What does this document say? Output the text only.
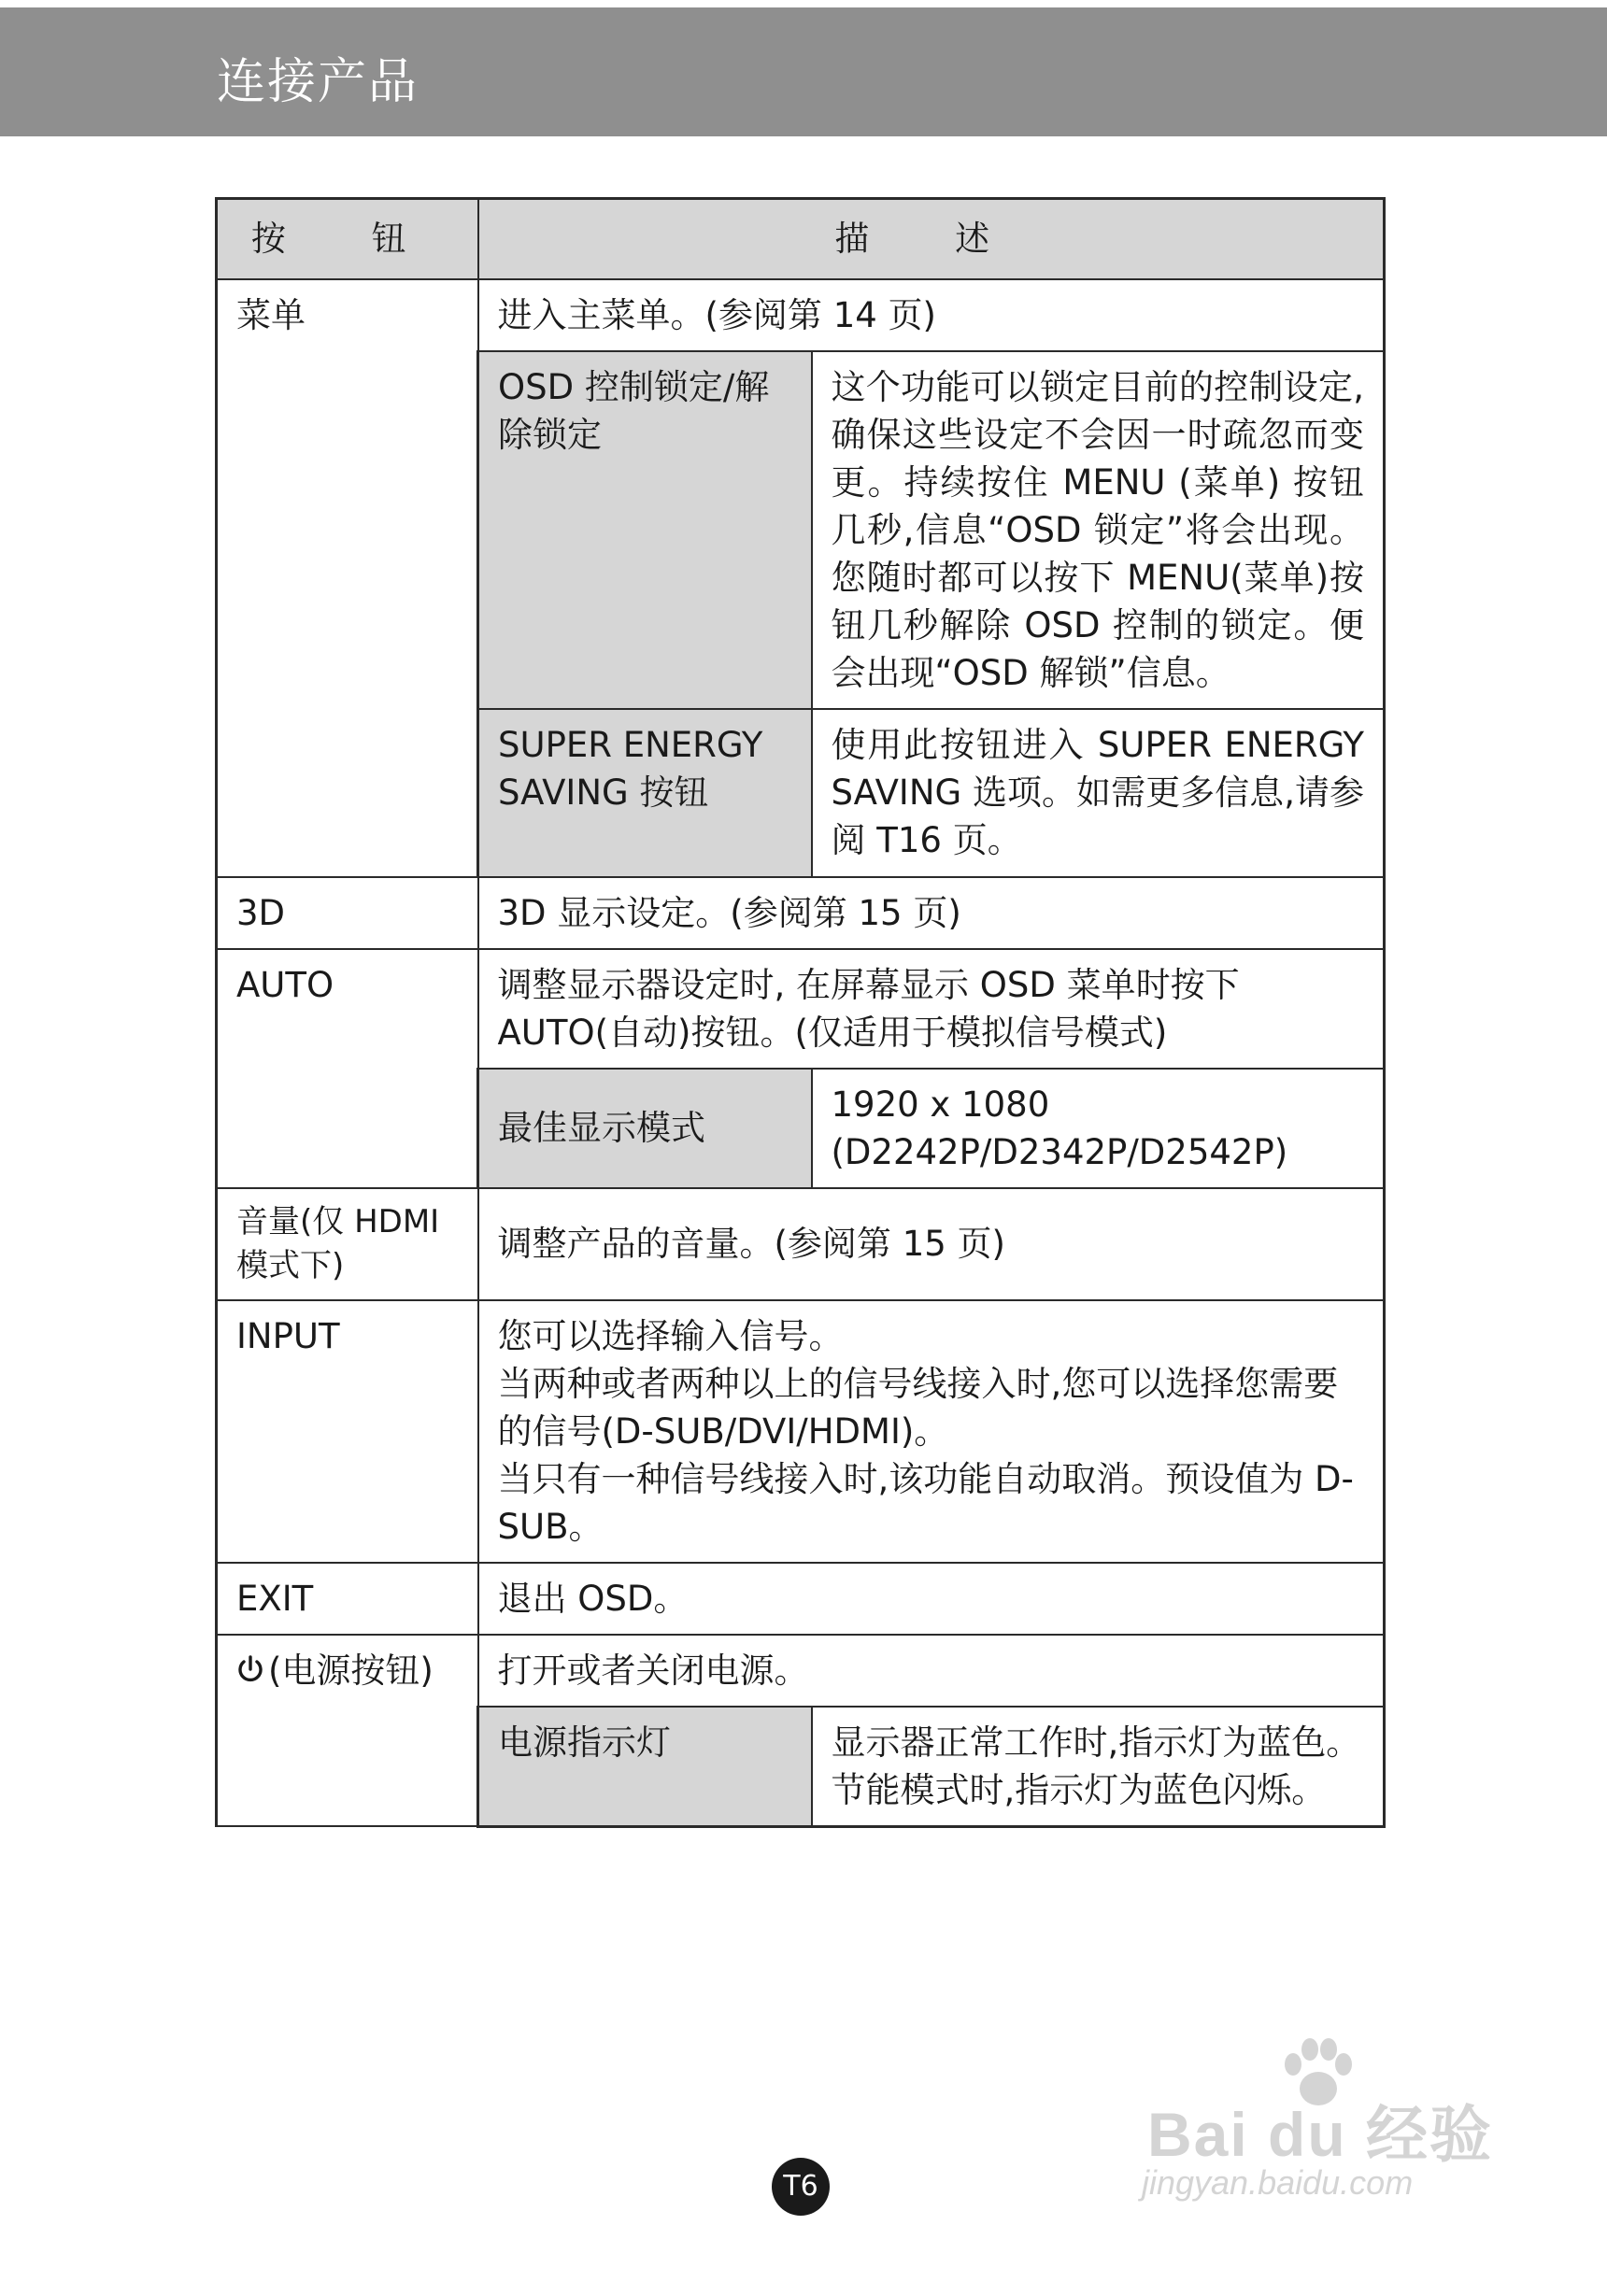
连接产品
按 钮	描 述	
菜单	进入主菜单。(参阅第 14 页)	
	OSD 控制锁定/解除锁定	这个功能可以锁定目前的控制设定,确保这些设定不会因一时疏忽而变更。持续按住 MENU (菜单) 按钮几秒,信息“OSD 锁定”将会出现。您随时都可以按下 MENU(菜单)按钮几秒解除 OSD 控制的锁定。便会出现“OSD 解锁”信息。
	SUPER ENERGY SAVING 按钮	使用此按钮进入 SUPER ENERGY SAVING 选项。如需更多信息,请参阅 T16 页。
3D	3D 显示设定。(参阅第 15 页)	
AUTO	调整显示器设定时, 在屏幕显示 OSD 菜单时按下 AUTO(自动)按钮。(仅适用于模拟信号模式)	
	最佳显示模式	1920 x 1080
(D2242P/D2342P/D2542P)

音量(仅 HDMI 模式下)	调整产品的音量。(参阅第 15 页)	
INPUT	您可以选择输入信号。
当两种或者两种以上的信号线接入时,您可以选择您需要的信号(D-SUB/DVI/HDMI)。
当只有一种信号线接入时,该功能自动取消。预设值为 D-SUB。	

EXIT	退出 OSD。	
(电源按钮)	打开或者关闭电源。	
	电源指示灯	显示器正常工作时,指示灯为蓝色。节能模式时,指示灯为蓝色闪烁。
T6
Bai du 经验
jingyan.baidu.com
